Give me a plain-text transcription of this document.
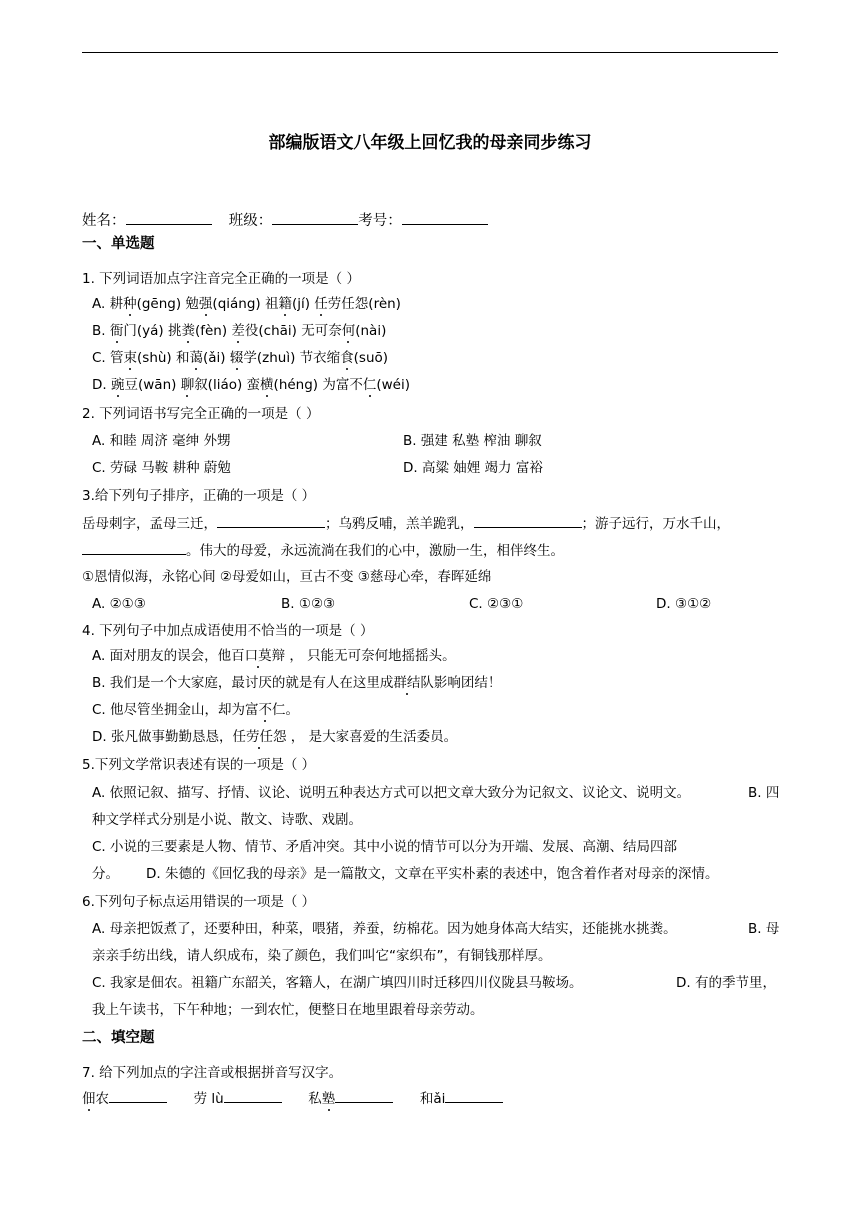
部编版语文八年级上回忆我的母亲同步练习
姓名：	班级：	考号：
一、单选题
1. 下列词语加点字注音完全正确的一项是（ ）
A. 耕种(gēng) 勉强(qiáng) 祖籍(jí) 任劳任怨(rèn)
B. 衙门(yá) 挑粪(fèn) 差役(chāi) 无可奈何(nài)
C. 管束(shù) 和蔼(ǎi) 辍学(zhuì) 节衣缩食(suō)
D. 豌豆(wān) 聊叙(liáo) 蛮横(héng) 为富不仁(wéi)
2. 下列词语书写完全正确的一项是（ ）
A. 和睦 周济 毫绅 外甥	B. 强建 私塾 榨油 聊叙
C. 劳碌 马鞍 耕种 蔚勉	D. 高粱 妯娌 竭力 富裕
3.给下列句子排序，正确的一项是（ ）
岳母刺字，孟母三迁，	；乌鸦反哺，羔羊跪乳，	；游子远行，万水千山，
。伟大的母爱，永远流淌在我们的心中，激励一生，相伴终生。
①恩情似海，永铭心间 ②母爱如山，亘古不变 ③慈母心牵，春晖延绵
A. ②①③	B. ①②③	C. ②③①	D. ③①②
4. 下列句子中加点成语使用不恰当的一项是（ ）
A. 面对朋友的误会，他百口莫辩 ， 只能无可奈何地摇摇头。
B. 我们是一个大家庭，最讨厌的就是有人在这里成群结队影响团结！
C. 他尽管坐拥金山，却为富不仁。
D. 张凡做事勤勤恳恳，任劳任怨 ， 是大家喜爱的生活委员。
5.下列文学常识表述有误的一项是（ ）
A. 依照记叙、描写、抒情、议论、说明五种表达方式可以把文章大致分为记叙文、议论文、说明文。	B. 四
种文学样式分别是小说、散文、诗歌、戏剧。
C. 小说的三要素是人物、情节、矛盾冲突。其中小说的情节可以分为开端、发展、高潮、结局四部
分。 D. 朱德的《回忆我的母亲》是一篇散文，文章在平实朴素的表述中，饱含着作者对母亲的深情。
6.下列句子标点运用错误的一项是（ ）
A. 母亲把饭煮了，还要种田，种菜，喂猪，养蚕，纺棉花。因为她身体高大结实，还能挑水挑粪。	B. 母
亲亲手纺出线，请人织成布，染了颜色，我们叫它“家织布”，有铜钱那样厚。
C. 我家是佃农。祖籍广东韶关，客籍人，在湖广填四川时迁移四川仪陇县马鞍场。	D. 有的季节里，
我上午读书，下午种地；一到农忙，便整日在地里跟着母亲劳动。
二、填空题
7. 给下列加点的字注音或根据拼音写汉字。
佃农	劳 lù	私塾	和ǎi
